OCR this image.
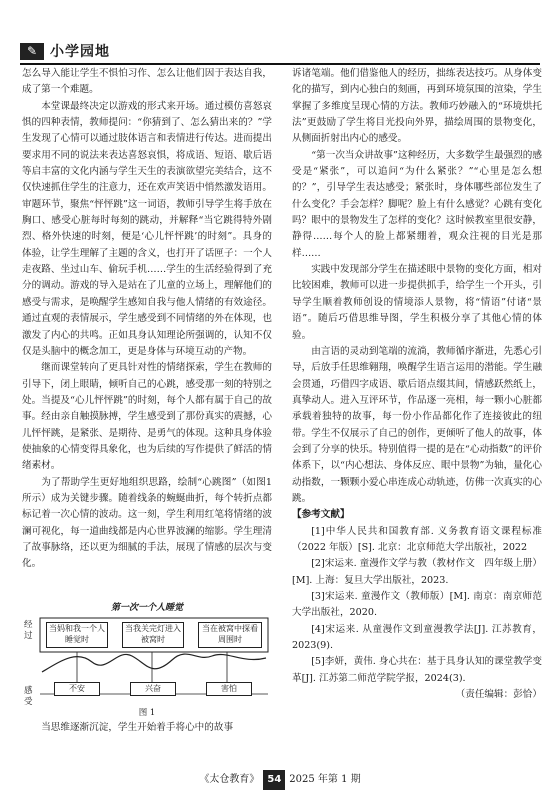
✎ 小学园地

怎么导入能让学生不惧怕习作、怎么让他们因于表达自我，成了第一个难题。

本堂课最终决定以游戏的形式来开场。通过模仿喜怒哀惧的四种表情，教师提问：“你猜到了、怎么猜出来的？”学生发现了心情可以通过肢体语言和表情进行传达。进而提出要求用不同的说法来表达喜怒哀惧，将成语、短语、歇后语等启丰富的文化内涵与学生天生的表演欲望完美结合，这不仅快速抓住学生的注意力，还在欢声笑语中悄然激发语用。审题环节，聚焦“怦怦跳”这一词语，教师引导学生将手放在胸口、感受心脏每时每刻的跳动，并解释“当它跳得特外剧烈、格外快速的时刻，便是‘心儿怦怦跳’的时刻”。具身的体验，让学生理解了主题的含义，也打开了话匣子：一个人走夜路、坐过山车、偷玩手机……学生的生活经验得到了充分的调动。游戏的导入是站在了儿童的立场上，理解他们的感受与需求，是唤醒学生感知自我与他人情绪的有效途径。通过直观的表情展示，学生感受到不同情绪的外在体现，也激发了内心的共鸣。正如具身认知理论所强调的，认知不仅仅是头脑中的概念加工，更是身体与环境互动的产物。

继而课堂转向了更具针对性的情绪探索，学生在教师的引导下，闭上眼睛，倾听自己的心跳，感受那一刻的特别之处。当提及“心儿怦怦跳”的时刻，每个人都有属于自己的故事。经由亲自触摸脉搏，学生感受到了那份真实的震撼，心儿怦怦跳，是紧张、是期待、是勇气的体现。这种具身体验使抽象的心情变得具象化，也为后续的写作提供了鲜活的情绪素材。

为了帮助学生更好地组织思路，绘制“心跳图”（如图1所示）成为关键步骤。随着线条的蜿蜒曲折，每个转折点都标记着一次心情的波动。这一刻，学生利用红笔将情绪的波澜可视化，每一道曲线都是内心世界波澜的缩影。学生理清了故事脉络，还以更为细腻的手法，展现了情感的层次与变化。

第一次一个人睡觉
经过
感受
当妈和我一个人睡觉时
当我关完灯进入被窝时
当在被窝中探看周围时
不安	兴奋	害怕
图 1

当思维逐渐沉淀，学生开始着手将心中的故事

诉诸笔端。他们借鉴他人的经历，拙练表达技巧。从身体变化的描写，到内心独白的刻画，再到环境氛围的渲染，学生掌握了多维度呈现心情的方法。教师巧妙融入的“环境烘托法”更鼓励了学生将目光投向外界，描绘周围的景物变化，从侧面折射出内心的感受。

“第一次当众讲故事”这种经历，大多数学生最强烈的感受是“紧张”，可以追问“为什么紧张？”“心里是怎么想的？”，引导学生表达感受；紧张时，身体哪些部位发生了什么变化？手会怎样？脚呢？脸上有什么感觉？心跳有变化吗？眼中的景物发生了怎样的变化？这时候教室里很安静，静得……每个人的脸上都紧绷着，观众注视的目光是那样……

实践中发现部分学生在描述眼中景物的变化方面，相对比较困难，教师可以进一步提供抓手，给学生一个开头，引导学生顺着教师创设的情境添人景物，将“情语”付诸“景语”。随后巧借思维导图，学生积极分享了其他心情的体验。

由言语的灵动到笔端的流淌，教师循序渐进，先悉心引导，后放手任思维翱翔，唤醒学生语言运用的潜能。学生融会贯通，巧借四字成语、歇后语点缀其间，情感跃然纸上，真挚动人。进入互评环节，作品逐一亮相，每一颗小心脏都承载着独特的故事，每一份小作品都化作了连接彼此的纽带。学生不仅展示了自己的创作，更倾听了他人的故事，体会到了分享的快乐。特别值得一提的是在“心动指数”的评价体系下，以“内心想法、身体反应、眼中景物”为轴，量化心动指数，一颗颗小爱心串连成心动轨迹，仿佛一次真实的心跳。

【参考文献】

[1]中华人民共和国教育部. 义务教育语文课程标准（2022 年版）[S]. 北京：北京师范大学出版社，2022

[2]宋运来. 童漫作文学与教（教材作文　四年级上册）[M]. 上海：复旦大学出版社，2023.

[3]宋运来. 童漫作文（教师版）[M]. 南京：南京师范大学出版社，2020.

[4]宋运来. 从童漫作文到童漫教学法[J]. 江苏教育，2023(9).

[5]李妍，黄伟. 身心共在：基于具身认知的课堂教学变革[J]. 江苏第二师范学院学报，2024(3).

（责任编辑：彭恰）

《太仓教育》 54 2025 年第 1 期
